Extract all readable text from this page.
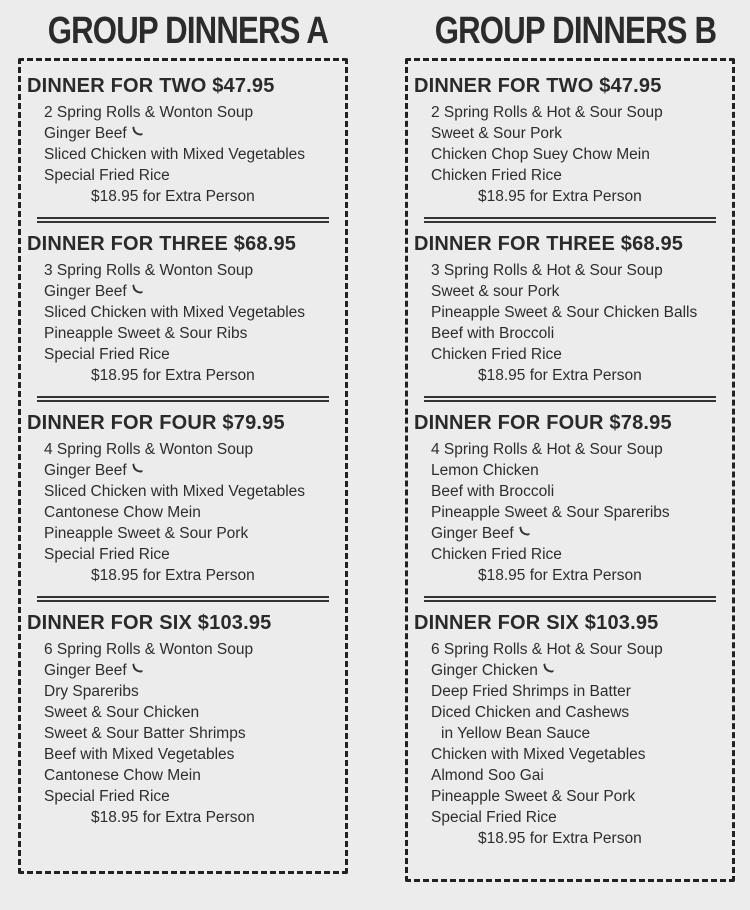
GROUP DINNERS A
DINNER FOR TWO $47.95
2 Spring Rolls & Wonton Soup
Ginger Beef
Sliced Chicken with Mixed Vegetables
Special Fried Rice
$18.95 for Extra Person
DINNER FOR THREE $68.95
3 Spring Rolls & Wonton Soup
Ginger Beef
Sliced Chicken with Mixed Vegetables
Pineapple Sweet & Sour Ribs
Special Fried Rice
$18.95 for Extra Person
DINNER FOR FOUR $79.95
4 Spring Rolls & Wonton Soup
Ginger Beef
Sliced Chicken with Mixed Vegetables
Cantonese Chow Mein
Pineapple Sweet & Sour Pork
Special Fried Rice
$18.95 for Extra Person
DINNER FOR SIX $103.95
6 Spring Rolls & Wonton Soup
Ginger Beef
Dry Spareribs
Sweet & Sour Chicken
Sweet & Sour Batter Shrimps
Beef with Mixed Vegetables
Cantonese Chow Mein
Special Fried Rice
$18.95 for Extra Person
GROUP DINNERS B
DINNER FOR TWO $47.95
2 Spring Rolls & Hot & Sour Soup
Sweet & Sour Pork
Chicken Chop Suey Chow Mein
Chicken Fried Rice
$18.95 for Extra Person
DINNER FOR THREE $68.95
3 Spring Rolls & Hot & Sour Soup
Sweet & sour Pork
Pineapple Sweet & Sour Chicken Balls
Beef with Broccoli
Chicken Fried Rice
$18.95 for Extra Person
DINNER FOR FOUR $78.95
4 Spring Rolls & Hot & Sour Soup
Lemon Chicken
Beef with Broccoli
Pineapple Sweet & Sour Spareribs
Ginger Beef
Chicken Fried Rice
$18.95 for Extra Person
DINNER FOR SIX $103.95
6 Spring Rolls & Hot & Sour Soup
Ginger Chicken
Deep Fried Shrimps in Batter
Diced Chicken and Cashews
in Yellow Bean Sauce
Chicken with Mixed Vegetables
Almond Soo Gai
Pineapple Sweet & Sour Pork
Special Fried Rice
$18.95 for Extra Person
